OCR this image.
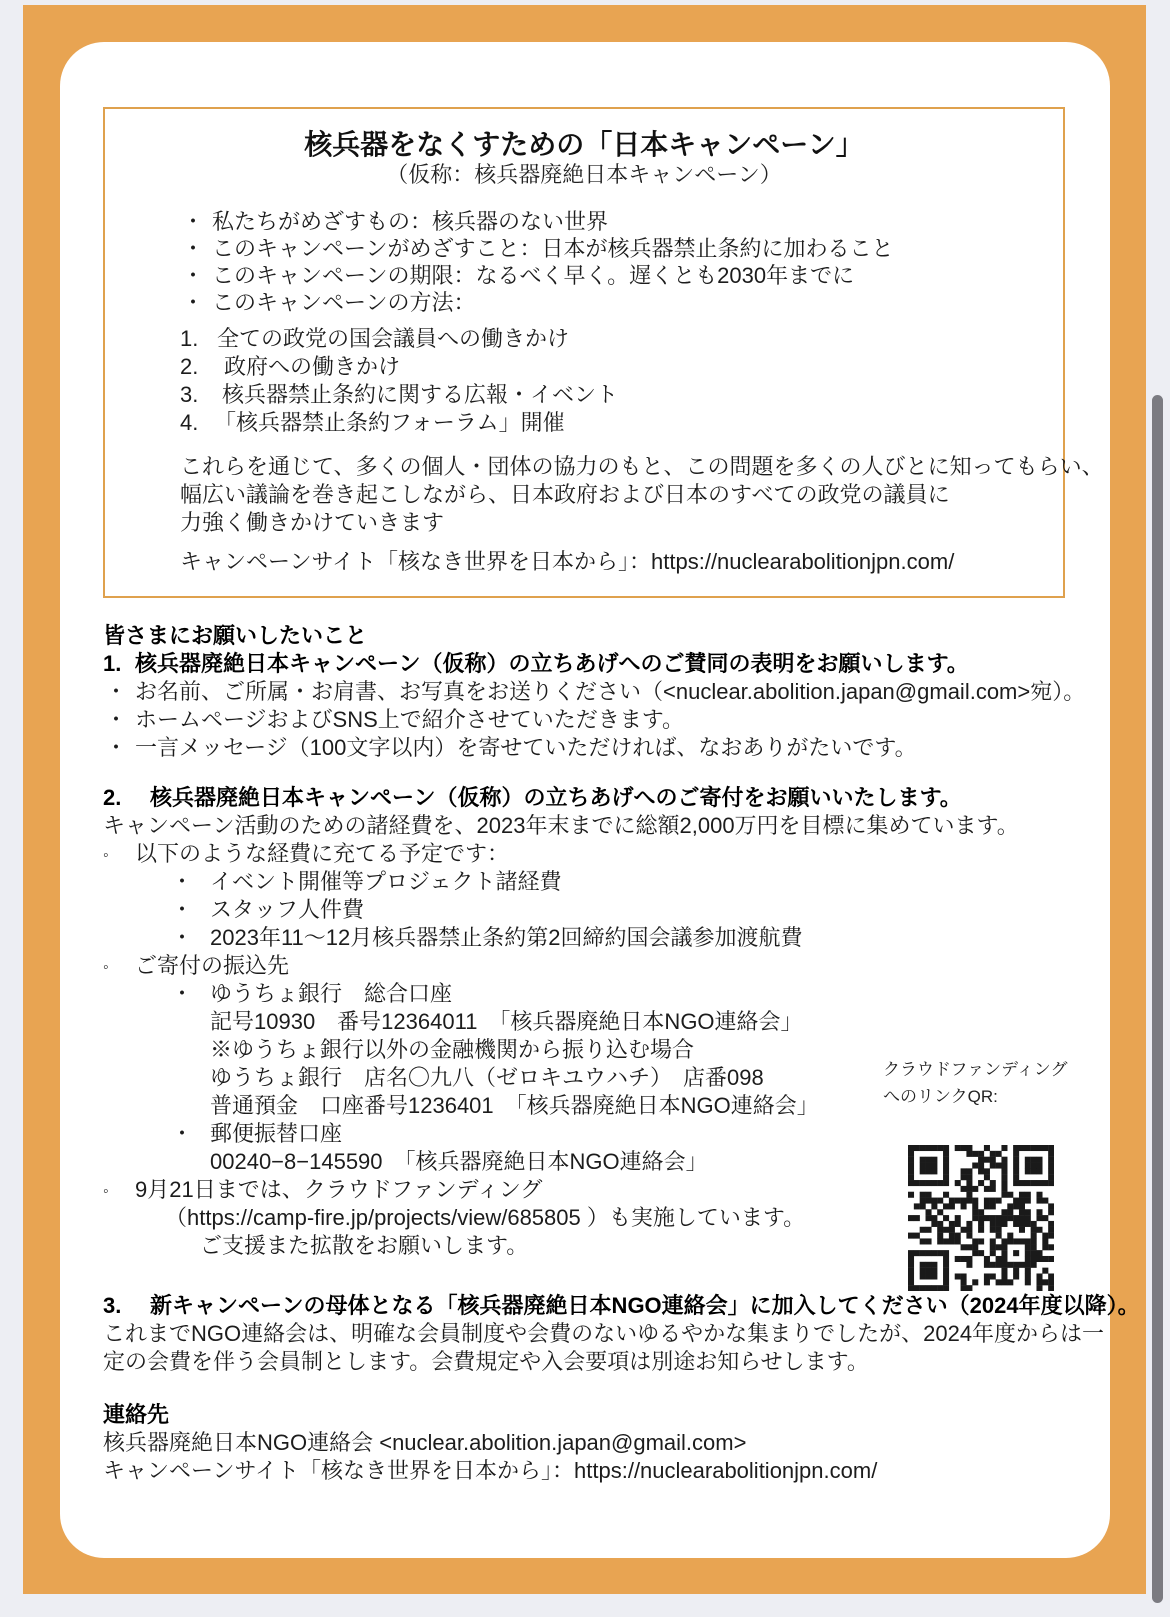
核兵器をなくすための「日本キャンペーン」
（仮称：核兵器廃絶日本キャンペーン）
・ 私たちがめざすもの：核兵器のない世界
・ このキャンペーンがめざすこと：日本が核兵器禁止条約に加わること
・ このキャンペーンの期限：なるべく早く。遅くとも2030年までに
・ このキャンペーンの方法：
1. 全ての政党の国会議員への働きかけ
2. 政府への働きかけ
3. 核兵器禁止条約に関する広報・イベント
4. 「核兵器禁止条約フォーラム」開催
これらを通じて、多くの個人・団体の協力のもと、この問題を多くの人びとに知ってもらい、
幅広い議論を巻き起こしながら、日本政府および日本のすべての政党の議員に
力強く働きかけていきます
キャンペーンサイト「核なき世界を日本から」：https://nuclearabolitionjpn.com/
皆さまにお願いしたいこと
1. 核兵器廃絶日本キャンペーン（仮称）の立ちあげへのご賛同の表明をお願いします。
・ お名前、ご所属・お肩書、お写真をお送りください（<nuclear.abolition.japan@gmail.com>宛）。
・ ホームページおよびSNS上で紹介させていただきます。
・ 一言メッセージ（100文字以内）を寄せていただければ、なおありがたいです。
2. 核兵器廃絶日本キャンペーン（仮称）の立ちあげへのご寄付をお願いいたします。
キャンペーン活動のための諸経費を、2023年末までに総額2,000万円を目標に集めています。
◦ 以下のような経費に充てる予定です：
・ イベント開催等プロジェクト諸経費
・ スタッフ人件費
・ 2023年11～12月核兵器禁止条約第2回締約国会議参加渡航費
◦ ご寄付の振込先
・ ゆうちょ銀行　総合口座
記号10930　番号12364011　「核兵器廃絶日本NGO連絡会」
※ゆうちょ銀行以外の金融機関から振り込む場合
ゆうちょ銀行　店名〇九八（ゼロキユウハチ）　店番098
普通預金　口座番号1236401　「核兵器廃絶日本NGO連絡会」
・ 郵便振替口座
00240−8−145590　「核兵器廃絶日本NGO連絡会」
◦ 9月21日までは、クラウドファンディング
（https://camp-fire.jp/projects/view/685805 ）も実施しています。
ご支援また拡散をお願いします。
3. 新キャンペーンの母体となる「核兵器廃絶日本NGO連絡会」に加入してください（2024年度以降）。
これまでNGO連絡会は、明確な会員制度や会費のないゆるやかな集まりでしたが、2024年度からは一
定の会費を伴う会員制とします。会費規定や入会要項は別途お知らせします。
連絡先
核兵器廃絶日本NGO連絡会 <nuclear.abolition.japan@gmail.com>
キャンペーンサイト「核なき世界を日本から」：https://nuclearabolitionjpn.com/
クラウドファンディング
へのリンクQR:
